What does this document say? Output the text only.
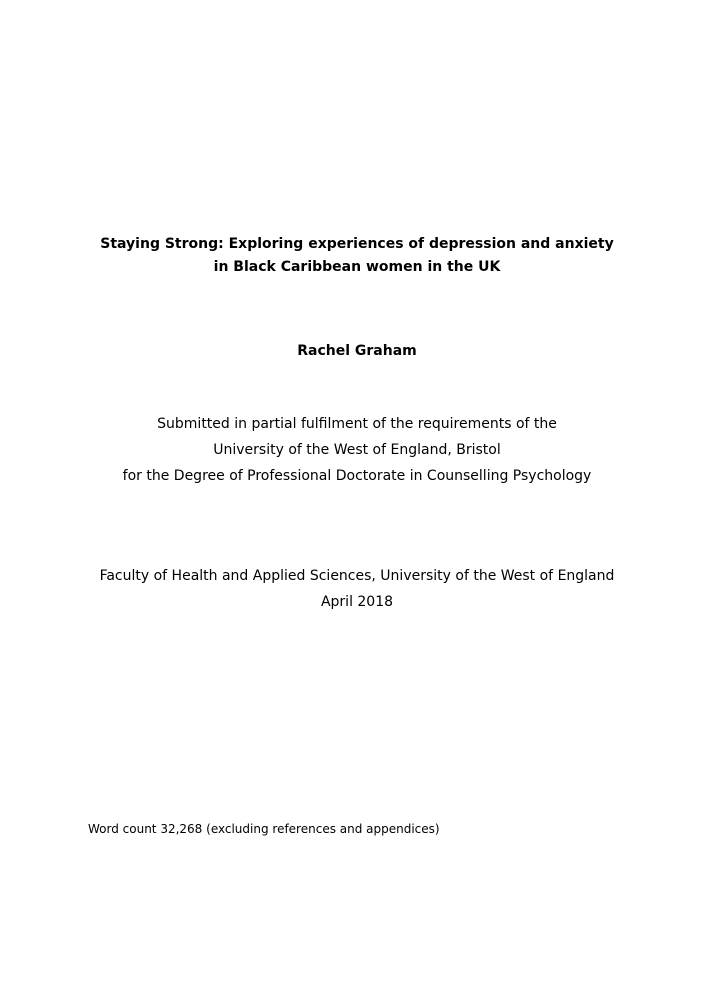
Staying Strong: Exploring experiences of depression and anxiety
in Black Caribbean women in the UK

Rachel Graham

Submitted in partial fulfilment of the requirements of the

University of the West of England, Bristol

for the Degree of Professional Doctorate in Counselling Psychology

Faculty of Health and Applied Sciences, University of the West of England

April 2018

Word count 32,268 (excluding references and appendices)
